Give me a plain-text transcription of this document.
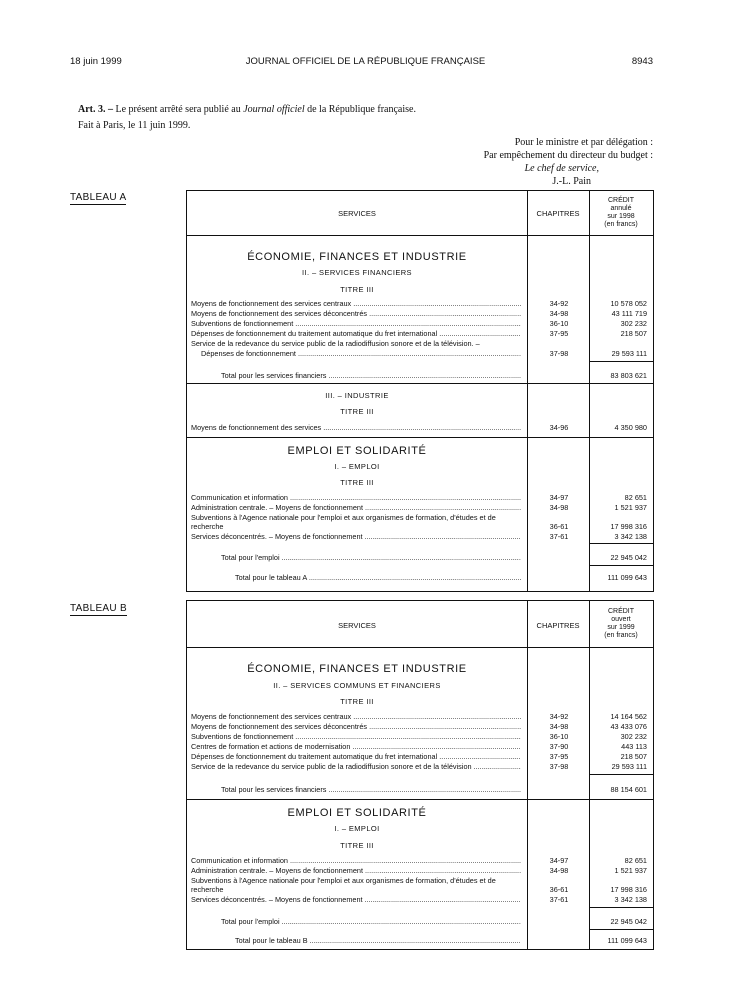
18 juin 1999	JOURNAL OFFICIEL DE LA RÉPUBLIQUE FRANÇAISE	8943
Art. 3. – Le présent arrêté sera publié au Journal officiel de la République française.
Fait à Paris, le 11 juin 1999.
Pour le ministre et par délégation :
Par empêchement du directeur du budget :
Le chef de service,
J.-L. Pain
TABLEAU A
SERVICES	CHAPITRES
CRÉDIT
annulé
sur 1998
(en francs)
ÉCONOMIE, FINANCES ET INDUSTRIE
II. – SERVICES FINANCIERS
TITRE III
Moyens de fonctionnement des services centraux .....	34-92	10 578 052
Moyens de fonctionnement des services déconcentrés .....	34-98	43 111 719
Subventions de fonctionnement .....	36-10	302 232
Dépenses de fonctionnement du traitement automatique du fret international .....	37-95	218 507
Service de la redevance du service public de la radiodiffusion sonore et de la télévision. –
Dépenses de fonctionnement .....	37-98	29 593 111
Total pour les services financiers .....	83 803 621
III. – INDUSTRIE
TITRE III
Moyens de fonctionnement des services .....	34-96	4 350 980
EMPLOI ET SOLIDARITÉ
I. – EMPLOI
TITRE III
Communication et information .....	34-97	82 651
Administration centrale. – Moyens de fonctionnement .....	34-98	1 521 937
Subventions à l'Agence nationale pour l'emploi et aux organismes de formation, d'études et de recherche	36-61	17 998 316
Services déconcentrés. – Moyens de fonctionnement .....	37-61	3 342 138
Total pour l'emploi .....	22 945 042
Total pour le tableau A .....	111 099 643
TABLEAU B
SERVICES	CHAPITRES
CRÉDIT
ouvert
sur 1999
(en francs)
ÉCONOMIE, FINANCES ET INDUSTRIE
II. – SERVICES COMMUNS ET FINANCIERS
TITRE III
Moyens de fonctionnement des services centraux .....	34-92	14 164 562
Moyens de fonctionnement des services déconcentrés .....	34-98	43 433 076
Subventions de fonctionnement .....	36-10	302 232
Centres de formation et actions de modernisation .....	37-90	443 113
Dépenses de fonctionnement du traitement automatique du fret international .....	37-95	218 507
Service de la redevance du service public de la radiodiffusion sonore et de la télévision .....	37-98	29 593 111
Total pour les services financiers .....	88 154 601
EMPLOI ET SOLIDARITÉ
I. – EMPLOI
TITRE III
Communication et information .....	34-97	82 651
Administration centrale. – Moyens de fonctionnement .....	34-98	1 521 937
Subventions à l'Agence nationale pour l'emploi et aux organismes de formation, d'études et de recherche	36-61	17 998 316
Services déconcentrés. – Moyens de fonctionnement .....	37-61	3 342 138
Total pour l'emploi .....	22 945 042
Total pour le tableau B .....	111 099 643
